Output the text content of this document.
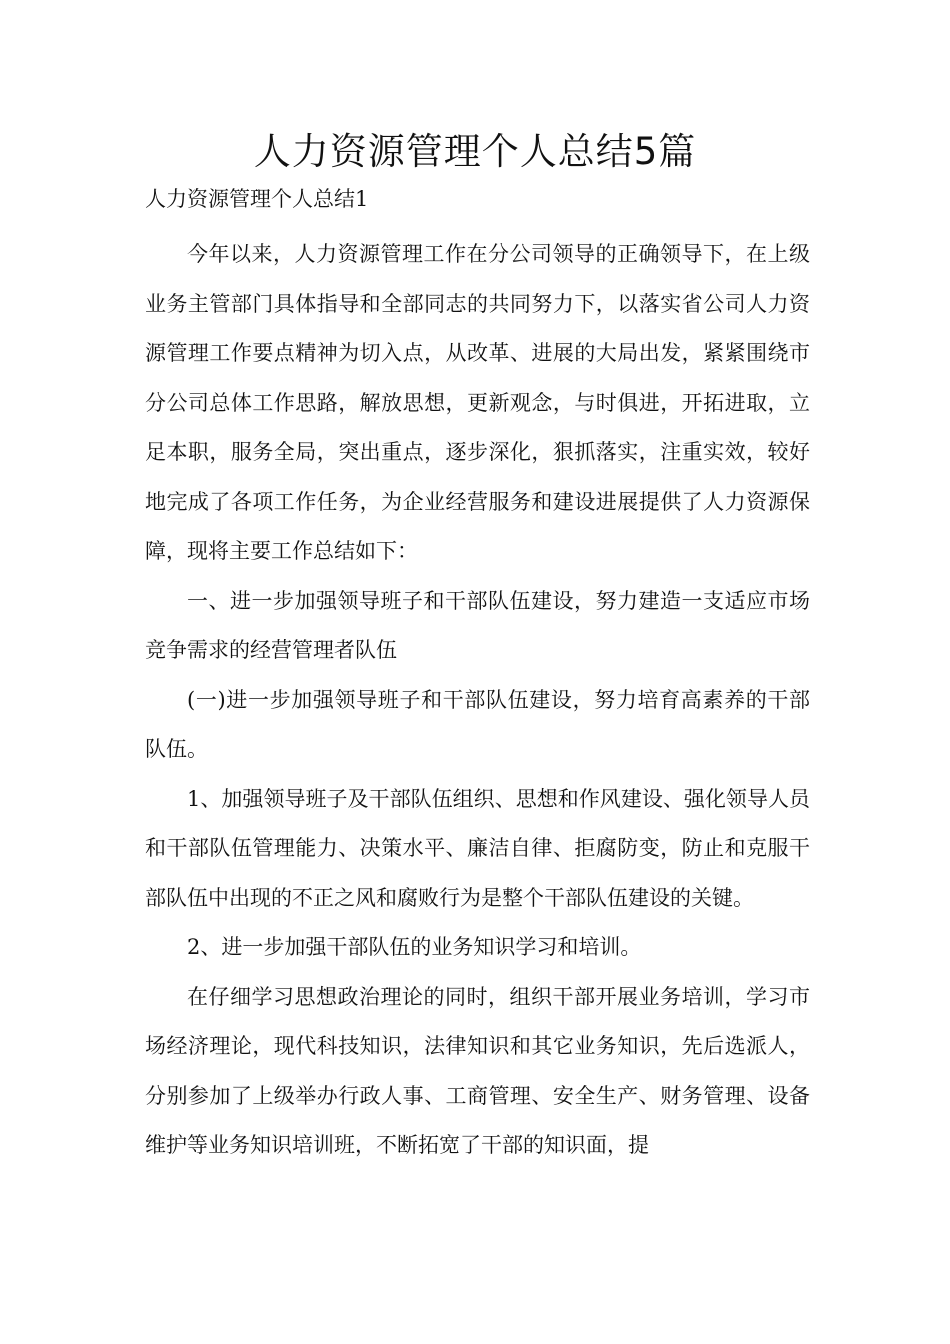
人力资源管理个人总结5篇

人力资源管理个人总结1

今年以来，人力资源管理工作在分公司领导的正确领导下，在上级业务主管部门具体指导和全部同志的共同努力下，以落实省公司人力资源管理工作要点精神为切入点，从改革、进展的大局出发，紧紧围绕市分公司总体工作思路，解放思想，更新观念，与时俱进，开拓进取，立足本职，服务全局，突出重点，逐步深化，狠抓落实，注重实效，较好地完成了各项工作任务，为企业经营服务和建设进展提供了人力资源保障，现将主要工作总结如下：

一、进一步加强领导班子和干部队伍建设，努力建造一支适应市场竞争需求的经营管理者队伍

(一)进一步加强领导班子和干部队伍建设，努力培育高素养的干部队伍。

1、加强领导班子及干部队伍组织、思想和作风建设、强化领导人员和干部队伍管理能力、决策水平、廉洁自律、拒腐防变，防止和克服干部队伍中出现的不正之风和腐败行为是整个干部队伍建设的关键。

2、进一步加强干部队伍的业务知识学习和培训。

在仔细学习思想政治理论的同时，组织干部开展业务培训，学习市场经济理论，现代科技知识，法律知识和其它业务知识，先后选派人，分别参加了上级举办行政人事、工商管理、安全生产、财务管理、设备维护等业务知识培训班，不断拓宽了干部的知识面，提
